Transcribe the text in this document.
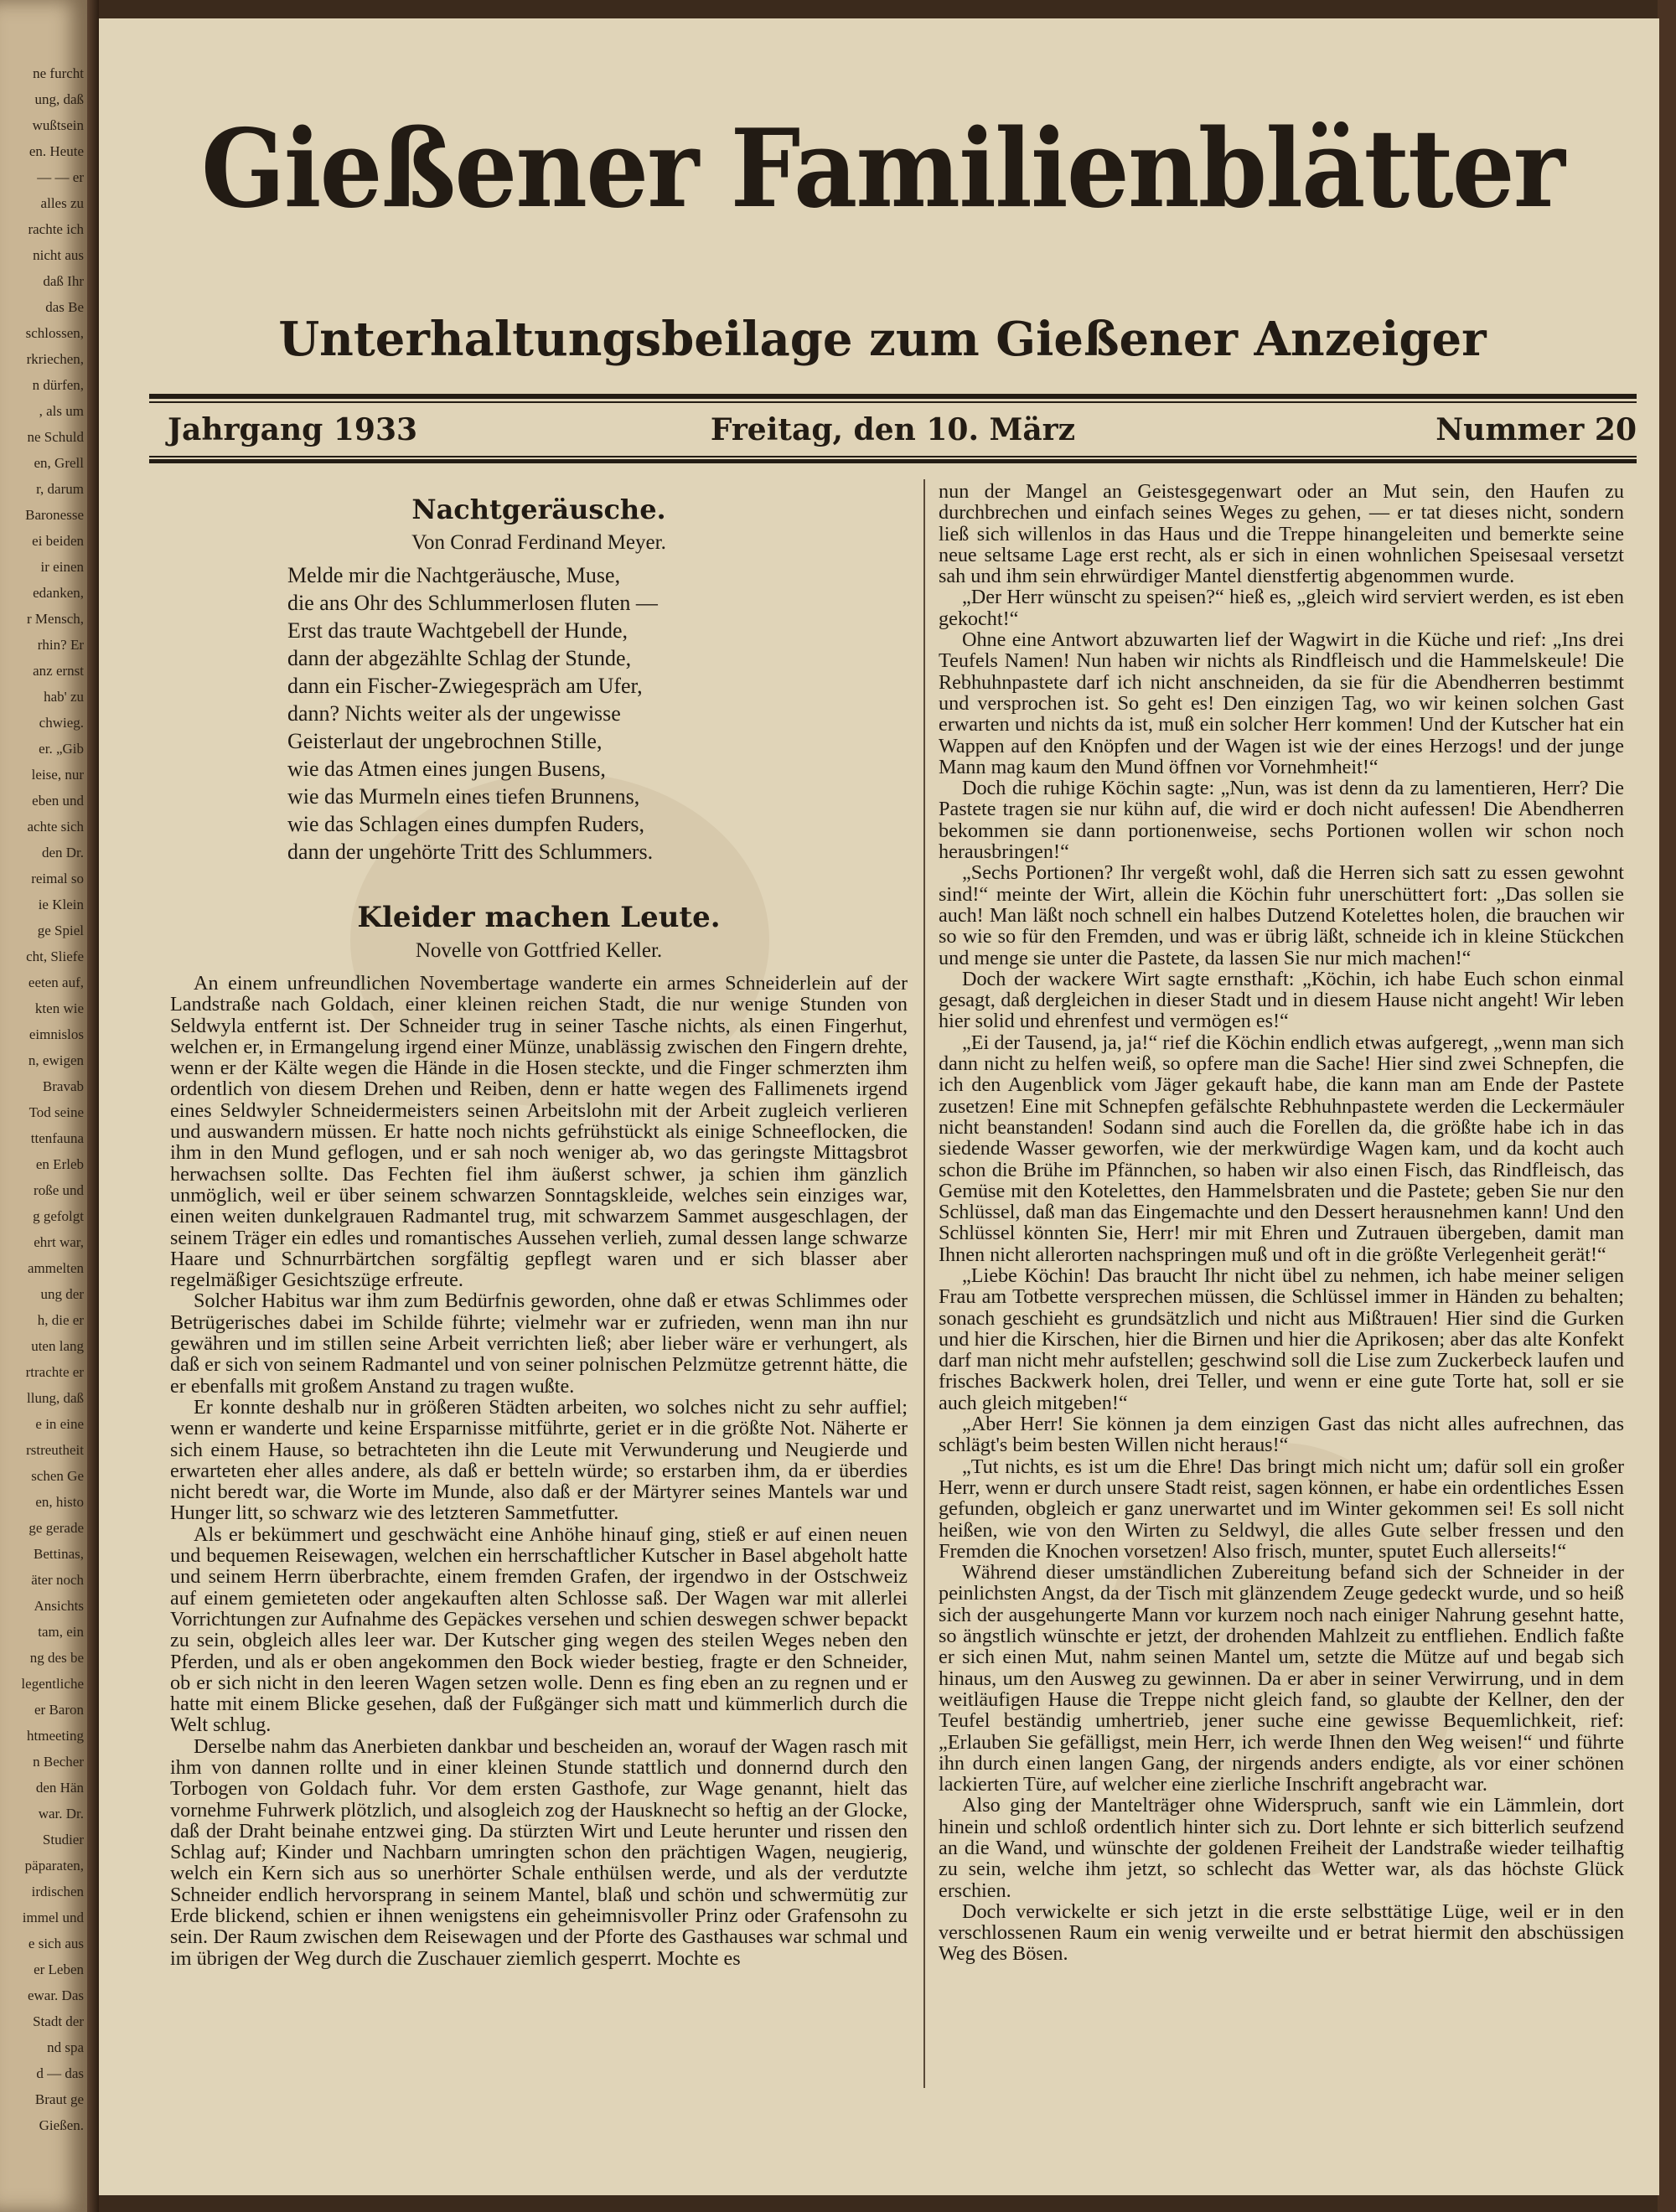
ne furcht
ung, daß
wußtsein
en. Heute
— — er
alles zu
rachte ich
nicht aus
daß Ihr
das Be
schlossen,
rkriechen,
n dürfen,
, als um
ne Schuld
en, Grell
r, darum
Baronesse
ei beiden
ir einen
edanken,
r Mensch,
rhin? Er
anz ernst
hab' zu
chwieg.
er. „Gib
leise, nur
eben und
achte sich
den Dr.
reimal so
ie Klein
ge Spiel
cht, Sliefe
eeten auf,
kten wie
eimnislos
n, ewigen
Bravab
Tod seine
ttenfauna
en Erleb
roße und
g gefolgt
ehrt war,
ammelten
ung der
h, die er
uten lang
rtrachte er
llung, daß
e in eine
rstreutheit
schen Ge
en, histo
ge gerade
Bettinas,
äter noch
Ansichts
tam, ein
ng des be
legentliche
er Baron
htmeeting
n Becher
den Hän
war. Dr.
Studier
päparaten,
irdischen
immel und
e sich aus
er Leben
ewar. Das
Stadt der
nd spa
d — das
Braut ge
Gießen.
Gießener Familienblätter
Unterhaltungsbeilage zum Gießener Anzeiger
Jahrgang 1933	Freitag, den 10. März	Nummer 20
Nachtgeräusche.
Von Conrad Ferdinand Meyer.
Melde mir die Nachtgeräusche, Muse,
die ans Ohr des Schlummerlosen fluten —
Erst das traute Wachtgebell der Hunde,
dann der abgezählte Schlag der Stunde,
dann ein Fischer-Zwiegespräch am Ufer,
dann? Nichts weiter als der ungewisse
Geisterlaut der ungebrochnen Stille,
wie das Atmen eines jungen Busens,
wie das Murmeln eines tiefen Brunnens,
wie das Schlagen eines dumpfen Ruders,
dann der ungehörte Tritt des Schlummers.
Kleider machen Leute.
Novelle von Gottfried Keller.

An einem unfreundlichen Novembertage wanderte ein armes Schneiderlein auf der Landstraße nach Goldach, einer kleinen reichen Stadt, die nur wenige Stunden von Seldwyla entfernt ist. Der Schneider trug in seiner Tasche nichts, als einen Fingerhut, welchen er, in Ermangelung irgend einer Münze, unablässig zwischen den Fingern drehte, wenn er der Kälte wegen die Hände in die Hosen steckte, und die Finger schmerzten ihm ordentlich von diesem Drehen und Reiben, denn er hatte wegen des Fallimenets irgend eines Seldwyler Schneidermeisters seinen Arbeitslohn mit der Arbeit zugleich verlieren und auswandern müssen. Er hatte noch nichts gefrühstückt als einige Schneeflocken, die ihm in den Mund geflogen, und er sah noch weniger ab, wo das geringste Mittagsbrot herwachsen sollte. Das Fechten fiel ihm äußerst schwer, ja schien ihm gänzlich unmöglich, weil er über seinem schwarzen Sonntagskleide, welches sein einziges war, einen weiten dunkelgrauen Radmantel trug, mit schwarzem Sammet ausgeschlagen, der seinem Träger ein edles und romantisches Aussehen verlieh, zumal dessen lange schwarze Haare und Schnurrbärtchen sorgfältig gepflegt waren und er sich blasser aber regelmäßiger Gesichtszüge erfreute.

Solcher Habitus war ihm zum Bedürfnis geworden, ohne daß er etwas Schlimmes oder Betrügerisches dabei im Schilde führte; vielmehr war er zufrieden, wenn man ihn nur gewähren und im stillen seine Arbeit verrichten ließ; aber lieber wäre er verhungert, als daß er sich von seinem Radmantel und von seiner polnischen Pelzmütze getrennt hätte, die er ebenfalls mit großem Anstand zu tragen wußte.

Er konnte deshalb nur in größeren Städten arbeiten, wo solches nicht zu sehr auffiel; wenn er wanderte und keine Ersparnisse mitführte, geriet er in die größte Not. Näherte er sich einem Hause, so betrachteten ihn die Leute mit Verwunderung und Neugierde und erwarteten eher alles andere, als daß er betteln würde; so erstarben ihm, da er überdies nicht beredt war, die Worte im Munde, also daß er der Märtyrer seines Mantels war und Hunger litt, so schwarz wie des letzteren Sammetfutter.

Als er bekümmert und geschwächt eine Anhöhe hinauf ging, stieß er auf einen neuen und bequemen Reisewagen, welchen ein herrschaftlicher Kutscher in Basel abgeholt hatte und seinem Herrn überbrachte, einem fremden Grafen, der irgendwo in der Ostschweiz auf einem gemieteten oder angekauften alten Schlosse saß. Der Wagen war mit allerlei Vorrichtungen zur Aufnahme des Gepäckes versehen und schien deswegen schwer bepackt zu sein, obgleich alles leer war. Der Kutscher ging wegen des steilen Weges neben den Pferden, und als er oben angekommen den Bock wieder bestieg, fragte er den Schneider, ob er sich nicht in den leeren Wagen setzen wolle. Denn es fing eben an zu regnen und er hatte mit einem Blicke gesehen, daß der Fußgänger sich matt und kümmerlich durch die Welt schlug.

Derselbe nahm das Anerbieten dankbar und bescheiden an, worauf der Wagen rasch mit ihm von dannen rollte und in einer kleinen Stunde stattlich und donnernd durch den Torbogen von Goldach fuhr. Vor dem ersten Gasthofe, zur Wage genannt, hielt das vornehme Fuhrwerk plötzlich, und alsogleich zog der Hausknecht so heftig an der Glocke, daß der Draht beinahe entzwei ging. Da stürzten Wirt und Leute herunter und rissen den Schlag auf; Kinder und Nachbarn umringten schon den prächtigen Wagen, neugierig, welch ein Kern sich aus so unerhörter Schale enthülsen werde, und als der verdutzte Schneider endlich hervorsprang in seinem Mantel, blaß und schön und schwermütig zur Erde blickend, schien er ihnen wenigstens ein geheimnisvoller Prinz oder Grafensohn zu sein. Der Raum zwischen dem Reisewagen und der Pforte des Gasthauses war schmal und im übrigen der Weg durch die Zuschauer ziemlich gesperrt. Mochte es

nun der Mangel an Geistesgegenwart oder an Mut sein, den Haufen zu durchbrechen und einfach seines Weges zu gehen, — er tat dieses nicht, sondern ließ sich willenlos in das Haus und die Treppe hinangeleiten und bemerkte seine neue seltsame Lage erst recht, als er sich in einen wohnlichen Speisesaal versetzt sah und ihm sein ehrwürdiger Mantel dienstfertig abgenommen wurde.

„Der Herr wünscht zu speisen?“ hieß es, „gleich wird serviert werden, es ist eben gekocht!“

Ohne eine Antwort abzuwarten lief der Wagwirt in die Küche und rief: „Ins drei Teufels Namen! Nun haben wir nichts als Rindfleisch und die Hammelskeule! Die Rebhuhnpastete darf ich nicht anschneiden, da sie für die Abendherren bestimmt und versprochen ist. So geht es! Den einzigen Tag, wo wir keinen solchen Gast erwarten und nichts da ist, muß ein solcher Herr kommen! Und der Kutscher hat ein Wappen auf den Knöpfen und der Wagen ist wie der eines Herzogs! und der junge Mann mag kaum den Mund öffnen vor Vornehmheit!“

Doch die ruhige Köchin sagte: „Nun, was ist denn da zu lamentieren, Herr? Die Pastete tragen sie nur kühn auf, die wird er doch nicht aufessen! Die Abendherren bekommen sie dann portionenweise, sechs Portionen wollen wir schon noch herausbringen!“

„Sechs Portionen? Ihr vergeßt wohl, daß die Herren sich satt zu essen gewohnt sind!“ meinte der Wirt, allein die Köchin fuhr unerschüttert fort: „Das sollen sie auch! Man läßt noch schnell ein halbes Dutzend Kotelettes holen, die brauchen wir so wie so für den Fremden, und was er übrig läßt, schneide ich in kleine Stückchen und menge sie unter die Pastete, da lassen Sie nur mich machen!“

Doch der wackere Wirt sagte ernsthaft: „Köchin, ich habe Euch schon einmal gesagt, daß dergleichen in dieser Stadt und in diesem Hause nicht angeht! Wir leben hier solid und ehrenfest und vermögen es!“

„Ei der Tausend, ja, ja!“ rief die Köchin endlich etwas aufgeregt, „wenn man sich dann nicht zu helfen weiß, so opfere man die Sache! Hier sind zwei Schnepfen, die ich den Augenblick vom Jäger gekauft habe, die kann man am Ende der Pastete zusetzen! Eine mit Schnepfen gefälschte Rebhuhnpastete werden die Leckermäuler nicht beanstanden! Sodann sind auch die Forellen da, die größte habe ich in das siedende Wasser geworfen, wie der merkwürdige Wagen kam, und da kocht auch schon die Brühe im Pfännchen, so haben wir also einen Fisch, das Rindfleisch, das Gemüse mit den Kotelettes, den Hammelsbraten und die Pastete; geben Sie nur den Schlüssel, daß man das Eingemachte und den Dessert herausnehmen kann! Und den Schlüssel könnten Sie, Herr! mir mit Ehren und Zutrauen übergeben, damit man Ihnen nicht allerorten nachspringen muß und oft in die größte Verlegenheit gerät!“

„Liebe Köchin! Das braucht Ihr nicht übel zu nehmen, ich habe meiner seligen Frau am Totbette versprechen müssen, die Schlüssel immer in Händen zu behalten; sonach geschieht es grundsätzlich und nicht aus Mißtrauen! Hier sind die Gurken und hier die Kirschen, hier die Birnen und hier die Aprikosen; aber das alte Konfekt darf man nicht mehr aufstellen; geschwind soll die Lise zum Zuckerbeck laufen und frisches Backwerk holen, drei Teller, und wenn er eine gute Torte hat, soll er sie auch gleich mitgeben!“

„Aber Herr! Sie können ja dem einzigen Gast das nicht alles aufrechnen, das schlägt's beim besten Willen nicht heraus!“

„Tut nichts, es ist um die Ehre! Das bringt mich nicht um; dafür soll ein großer Herr, wenn er durch unsere Stadt reist, sagen können, er habe ein ordentliches Essen gefunden, obgleich er ganz unerwartet und im Winter gekommen sei! Es soll nicht heißen, wie von den Wirten zu Seldwyl, die alles Gute selber fressen und den Fremden die Knochen vorsetzen! Also frisch, munter, sputet Euch allerseits!“

Während dieser umständlichen Zubereitung befand sich der Schneider in der peinlichsten Angst, da der Tisch mit glänzendem Zeuge gedeckt wurde, und so heiß sich der ausgehungerte Mann vor kurzem noch nach einiger Nahrung gesehnt hatte, so ängstlich wünschte er jetzt, der drohenden Mahlzeit zu entfliehen. Endlich faßte er sich einen Mut, nahm seinen Mantel um, setzte die Mütze auf und begab sich hinaus, um den Ausweg zu gewinnen. Da er aber in seiner Verwirrung, und in dem weitläufigen Hause die Treppe nicht gleich fand, so glaubte der Kellner, den der Teufel beständig umhertrieb, jener suche eine gewisse Bequemlichkeit, rief: „Erlauben Sie gefälligst, mein Herr, ich werde Ihnen den Weg weisen!“ und führte ihn durch einen langen Gang, der nirgends anders endigte, als vor einer schönen lackierten Türe, auf welcher eine zierliche Inschrift angebracht war.

Also ging der Mantelträger ohne Widerspruch, sanft wie ein Lämmlein, dort hinein und schloß ordentlich hinter sich zu. Dort lehnte er sich bitterlich seufzend an die Wand, und wünschte der goldenen Freiheit der Landstraße wieder teilhaftig zu sein, welche ihm jetzt, so schlecht das Wetter war, als das höchste Glück erschien.

Doch verwickelte er sich jetzt in die erste selbsttätige Lüge, weil er in den verschlossenen Raum ein wenig verweilte und er betrat hiermit den abschüssigen Weg des Bösen.
